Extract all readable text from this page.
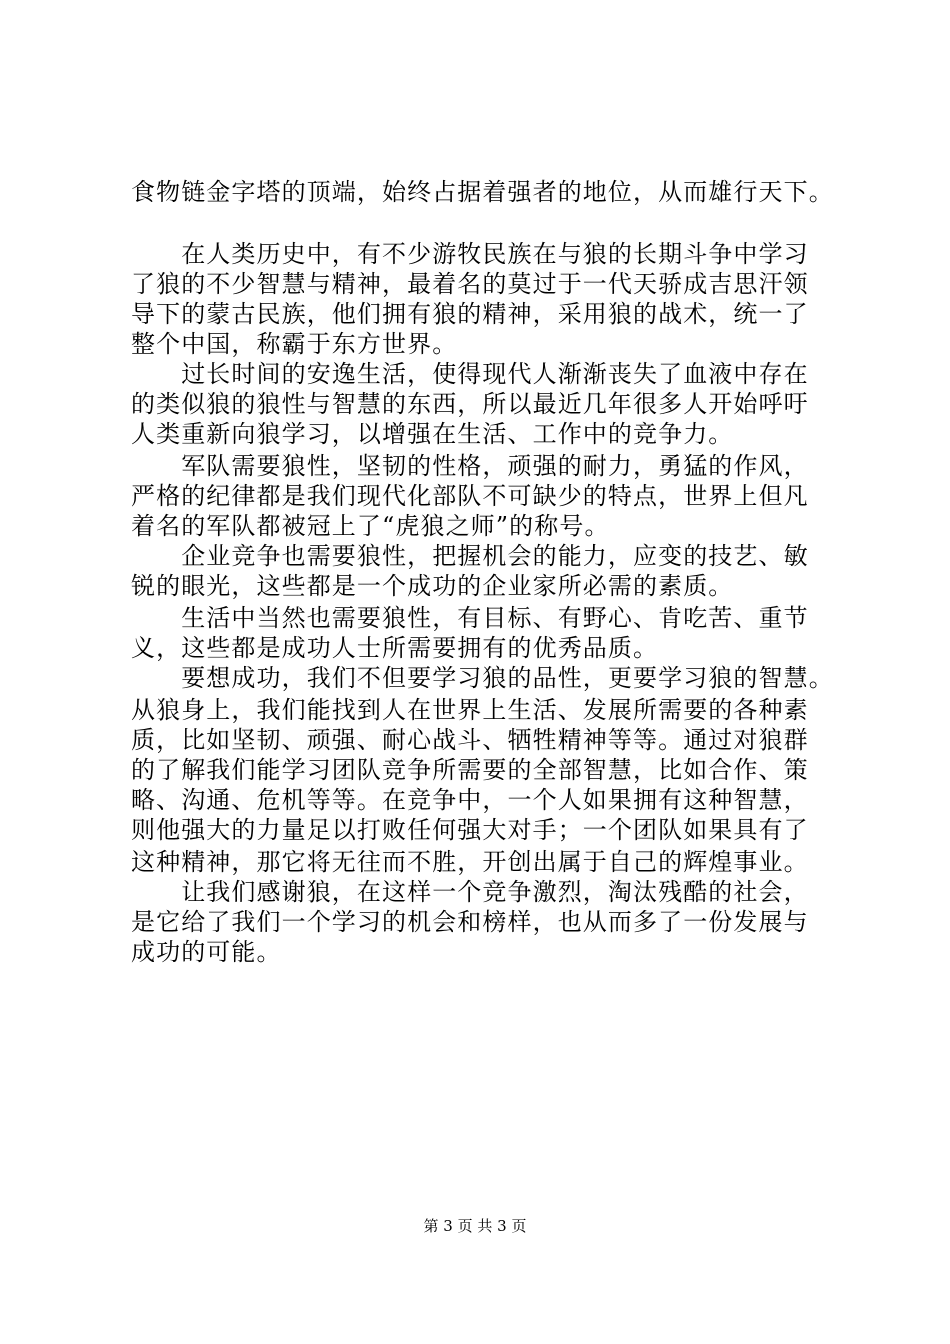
食物链金字塔的顶端，始终占据着强者的地位，从而雄行天下。
　　在人类历史中，有不少游牧民族在与狼的长期斗争中学习
了狼的不少智慧与精神，最着名的莫过于一代天骄成吉思汗领
导下的蒙古民族，他们拥有狼的精神，采用狼的战术，统一了
整个中国，称霸于东方世界。
　　过长时间的安逸生活，使得现代人渐渐丧失了血液中存在
的类似狼的狼性与智慧的东西，所以最近几年很多人开始呼吁
人类重新向狼学习，以增强在生活、工作中的竞争力。
　　军队需要狼性，坚韧的性格，顽强的耐力，勇猛的作风，
严格的纪律都是我们现代化部队不可缺少的特点，世界上但凡
着名的军队都被冠上了“虎狼之师”的称号。
　　企业竞争也需要狼性，把握机会的能力，应变的技艺、敏
锐的眼光，这些都是一个成功的企业家所必需的素质。
　　生活中当然也需要狼性，有目标、有野心、肯吃苦、重节
义，这些都是成功人士所需要拥有的优秀品质。
　　要想成功，我们不但要学习狼的品性，更要学习狼的智慧。
从狼身上，我们能找到人在世界上生活、发展所需要的各种素
质，比如坚韧、顽强、耐心战斗、牺牲精神等等。通过对狼群
的了解我们能学习团队竞争所需要的全部智慧，比如合作、策
略、沟通、危机等等。在竞争中，一个人如果拥有这种智慧，
则他强大的力量足以打败任何强大对手；一个团队如果具有了
这种精神，那它将无往而不胜，开创出属于自己的辉煌事业。
　　让我们感谢狼，在这样一个竞争激烈，淘汰残酷的社会，
是它给了我们一个学习的机会和榜样，也从而多了一份发展与
成功的可能。
第 3 页 共 3 页
